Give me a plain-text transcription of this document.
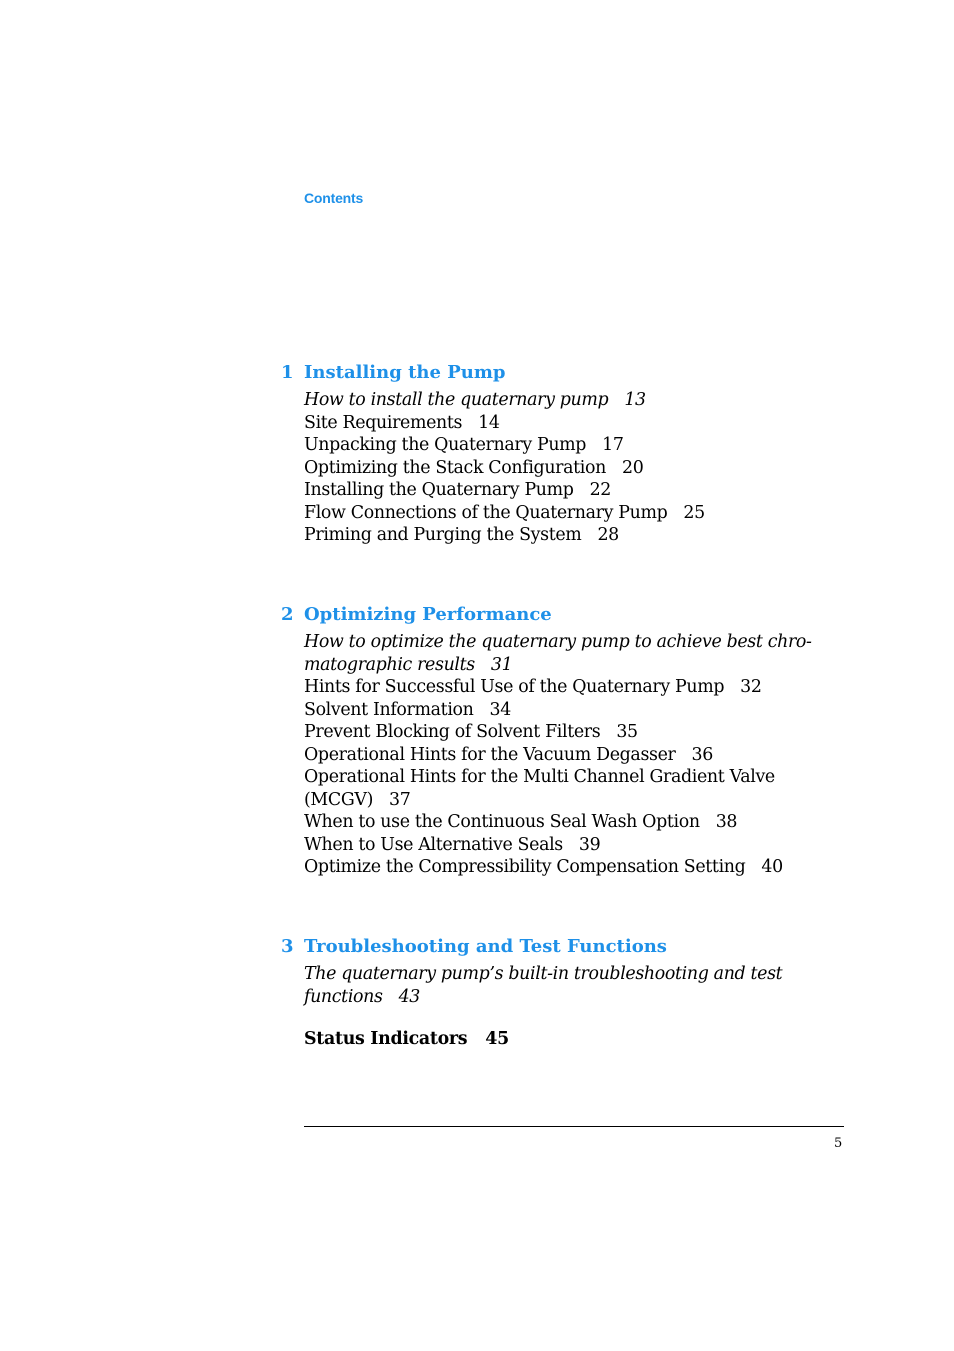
Contents
1 Installing the Pump
How to install the quaternary pump 13
Site Requirements 14
Unpacking the Quaternary Pump 17
Optimizing the Stack Configuration 20
Installing the Quaternary Pump 22
Flow Connections of the Quaternary Pump 25
Priming and Purging the System 28
2 Optimizing Performance
How to optimize the quaternary pump to achieve best chro-
matographic results 31
Hints for Successful Use of the Quaternary Pump 32
Solvent Information 34
Prevent Blocking of Solvent Filters 35
Operational Hints for the Vacuum Degasser 36
Operational Hints for the Multi Channel Gradient Valve
(MCGV) 37
When to use the Continuous Seal Wash Option 38
When to Use Alternative Seals 39
Optimize the Compressibility Compensation Setting 40
3 Troubleshooting and Test Functions
The quaternary pump’s built-in troubleshooting and test
functions 43
Status Indicators 45
5
